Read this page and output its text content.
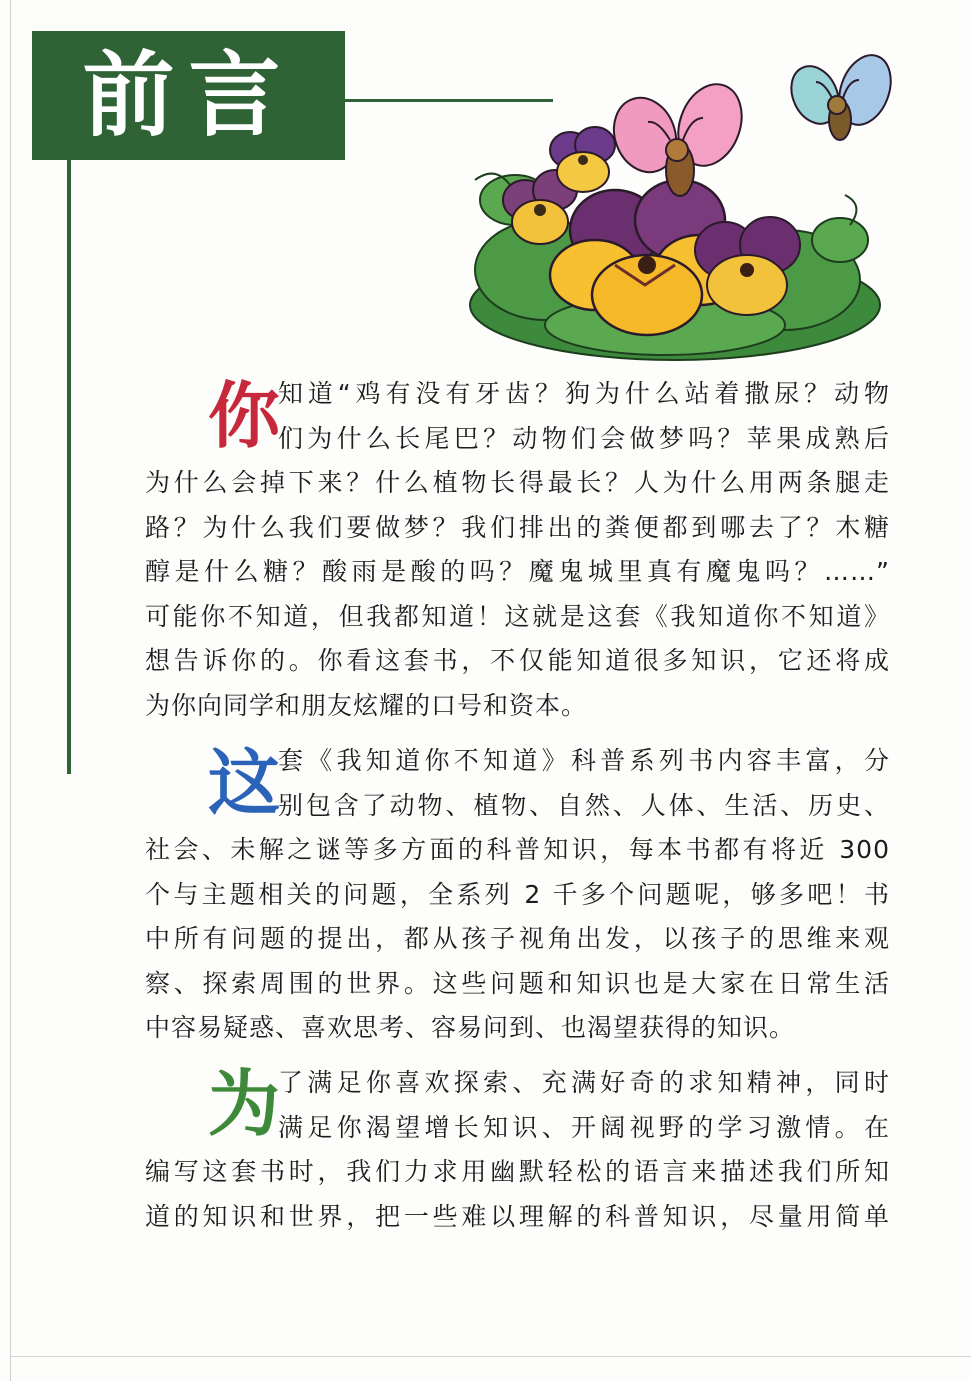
前言
你
知道“鸡有没有牙齿？狗为什么站着撒尿？动物
们为什么长尾巴？动物们会做梦吗？苹果成熟后
为什么会掉下来？什么植物长得最长？人为什么用两条腿走
路？为什么我们要做梦？我们排出的粪便都到哪去了？木糖
醇是什么糖？酸雨是酸的吗？魔鬼城里真有魔鬼吗？……”
可能你不知道，但我都知道！这就是这套《我知道你不知道》
想告诉你的。你看这套书，不仅能知道很多知识，它还将成
为你向同学和朋友炫耀的口号和资本。
这
套《我知道你不知道》科普系列书内容丰富，分
别包含了动物、植物、自然、人体、生活、历史、
社会、未解之谜等多方面的科普知识，每本书都有将近 300
个与主题相关的问题，全系列 2 千多个问题呢，够多吧！书
中所有问题的提出，都从孩子视角出发，以孩子的思维来观
察、探索周围的世界。这些问题和知识也是大家在日常生活
中容易疑惑、喜欢思考、容易问到、也渴望获得的知识。
为
了满足你喜欢探索、充满好奇的求知精神，同时
满足你渴望增长知识、开阔视野的学习激情。在
编写这套书时，我们力求用幽默轻松的语言来描述我们所知
道的知识和世界，把一些难以理解的科普知识，尽量用简单
